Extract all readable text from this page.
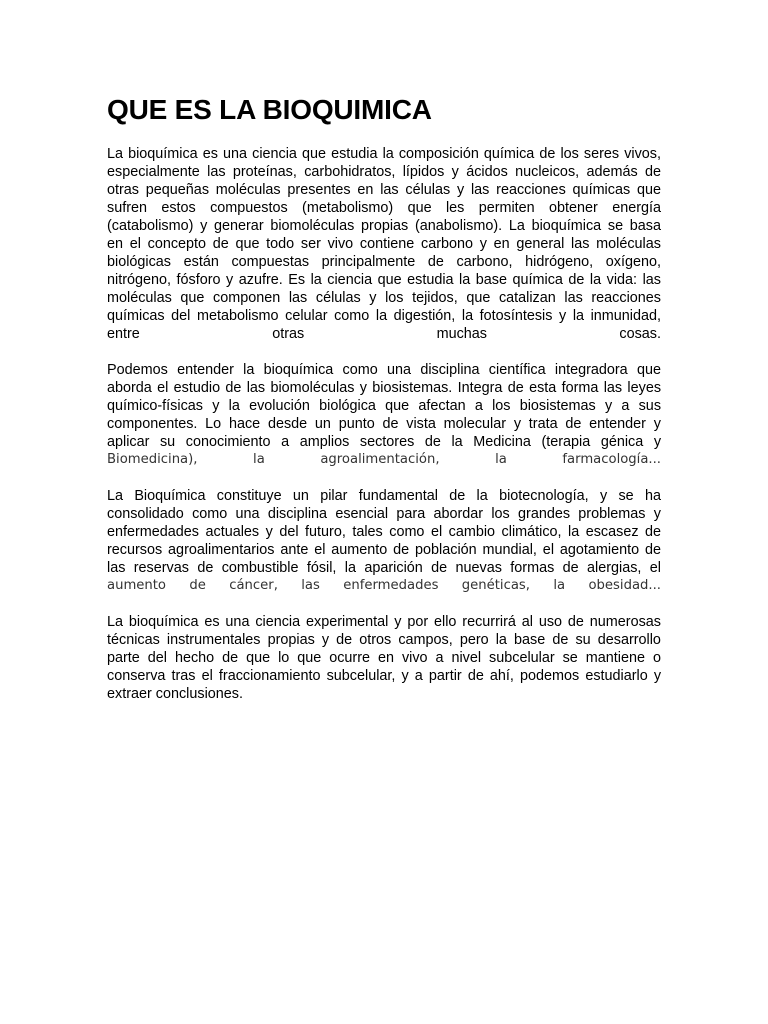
QUE ES LA BIOQUIMICA
La bioquímica es una ciencia que estudia la composición química de los seres vivos,
especialmente las proteínas, carbohidratos, lípidos y ácidos nucleicos, además de
otras pequeñas moléculas presentes en las células y las reacciones químicas que
sufren estos compuestos (metabolismo) que les permiten obtener energía
(catabolismo) y generar biomoléculas propias (anabolismo). La bioquímica se basa
en el concepto de que todo ser vivo contiene carbono y en general las moléculas
biológicas están compuestas principalmente de carbono, hidrógeno, oxígeno,
nitrógeno, fósforo y azufre. Es la ciencia que estudia la base química de la vida: las
moléculas que componen las células y los tejidos, que catalizan las reacciones
químicas del metabolismo celular como la digestión, la fotosíntesis y la inmunidad,
entre otras muchas cosas.
Podemos entender la bioquímica como una disciplina científica integradora que
aborda el estudio de las biomoléculas y biosistemas. Integra de esta forma las leyes
químico-físicas y la evolución biológica que afectan a los biosistemas y a sus
componentes. Lo hace desde un punto de vista molecular y trata de entender y
aplicar su conocimiento a amplios sectores de la Medicina (terapia génica y
Biomedicina), la agroalimentación, la farmacología...
La Bioquímica constituye un pilar fundamental de la biotecnología, y se ha
consolidado como una disciplina esencial para abordar los grandes problemas y
enfermedades actuales y del futuro, tales como el cambio climático, la escasez de
recursos agroalimentarios ante el aumento de población mundial, el agotamiento de
las reservas de combustible fósil, la aparición de nuevas formas de alergias, el
aumento de cáncer, las enfermedades genéticas, la obesidad...
La bioquímica es una ciencia experimental y por ello recurrirá al uso de numerosas
técnicas instrumentales propias y de otros campos, pero la base de su desarrollo
parte del hecho de que lo que ocurre en vivo a nivel subcelular se mantiene o
conserva tras el fraccionamiento subcelular, y a partir de ahí, podemos estudiarlo y
extraer conclusiones.
